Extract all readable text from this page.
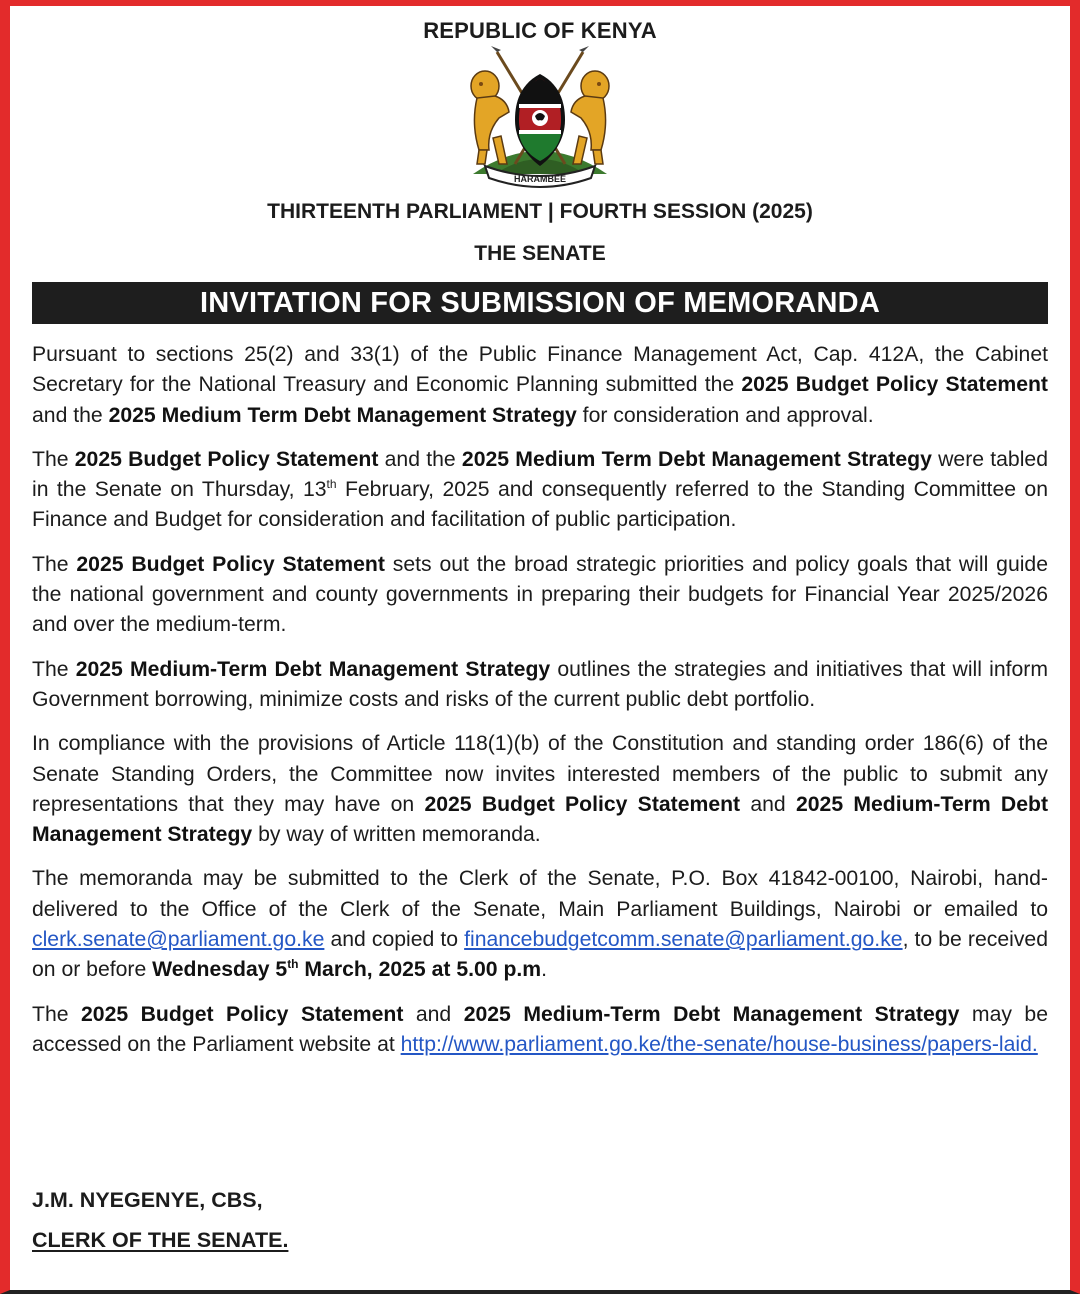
REPUBLIC OF KENYA
HARAMBEE
THIRTEENTH PARLIAMENT | FOURTH SESSION (2025)
THE SENATE
INVITATION FOR SUBMISSION OF MEMORANDA

Pursuant to sections 25(2) and 33(1) of the Public Finance Management Act, Cap. 412A, the Cabinet Secretary for the National Treasury and Economic Planning submitted the 2025 Budget Policy Statement and the 2025 Medium Term Debt Management Strategy for consideration and approval.

The 2025 Budget Policy Statement and the 2025 Medium Term Debt Management Strategy were tabled in the Senate on Thursday, 13th February, 2025 and consequently referred to the Standing Committee on Finance and Budget for consideration and facilitation of public participation.

The 2025 Budget Policy Statement sets out the broad strategic priorities and policy goals that will guide the national government and county governments in preparing their budgets for Financial Year 2025/2026 and over the medium-term.

The 2025 Medium-Term Debt Management Strategy outlines the strategies and initiatives that will inform Government borrowing, minimize costs and risks of the current public debt portfolio.

In compliance with the provisions of Article 118(1)(b) of the Constitution and standing order 186(6) of the Senate Standing Orders, the Committee now invites interested members of the public to submit any representations that they may have on 2025 Budget Policy Statement and 2025 Medium-Term Debt Management Strategy by way of written memoranda.

The memoranda may be submitted to the Clerk of the Senate, P.O. Box 41842-00100, Nairobi, hand-delivered to the Office of the Clerk of the Senate, Main Parliament Buildings, Nairobi or emailed to clerk.senate@parliament.go.ke and copied to financebudgetcomm.senate@parliament.go.ke, to be received on or before Wednesday 5th March, 2025 at 5.00 p.m.

The 2025 Budget Policy Statement and 2025 Medium-Term Debt Management Strategy may be accessed on the Parliament website at http://www.parliament.go.ke/the-senate/house-business/papers-laid.

J.M. NYEGENYE, CBS,
CLERK OF THE SENATE.
